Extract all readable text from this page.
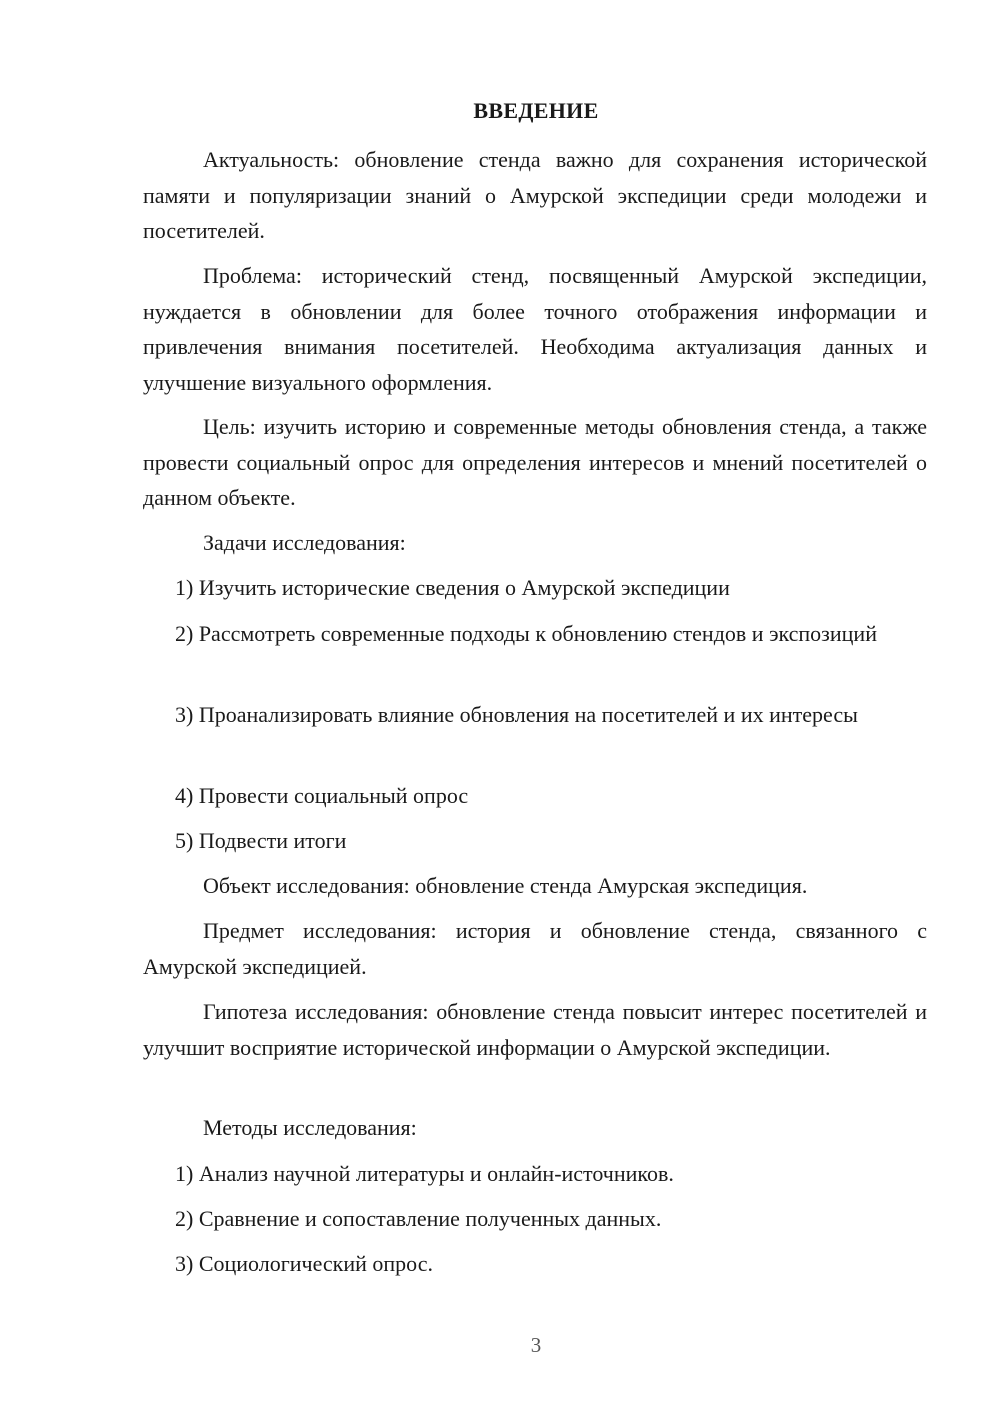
ВВЕДЕНИЕ

Актуальность: обновление стенда важно для сохранения исторической памяти и популяризации знаний о Амурской экспедиции среди молодежи и посетителей.

Проблема: исторический стенд, посвященный Амурской экспедиции, нуждается в обновлении для более точного отображения информации и привлечения внимания посетителей. Необходима актуализация данных и улучшение визуального оформления.

Цель: изучить историю и современные методы обновления стенда, а также провести социальный опрос для определения интересов и мнений посетителей о данном объекте.

Задачи исследования:

1) Изучить исторические сведения о Амурской экспедиции

2) Рассмотреть современные подходы к обновлению стендов и экспозиций

3) Проанализировать влияние обновления на посетителей и их интересы

4) Провести социальный опрос

5) Подвести итоги

Объект исследования: обновление стенда Амурская экспедиция.

Предмет исследования: история и обновление стенда, связанного с Амурской экспедицией.

Гипотеза исследования: обновление стенда повысит интерес посетителей и улучшит восприятие исторической информации о Амурской экспедиции.

Методы исследования:

1) Анализ научной литературы и онлайн-источников.

2) Сравнение и сопоставление полученных данных.

3) Социологический опрос.

3
